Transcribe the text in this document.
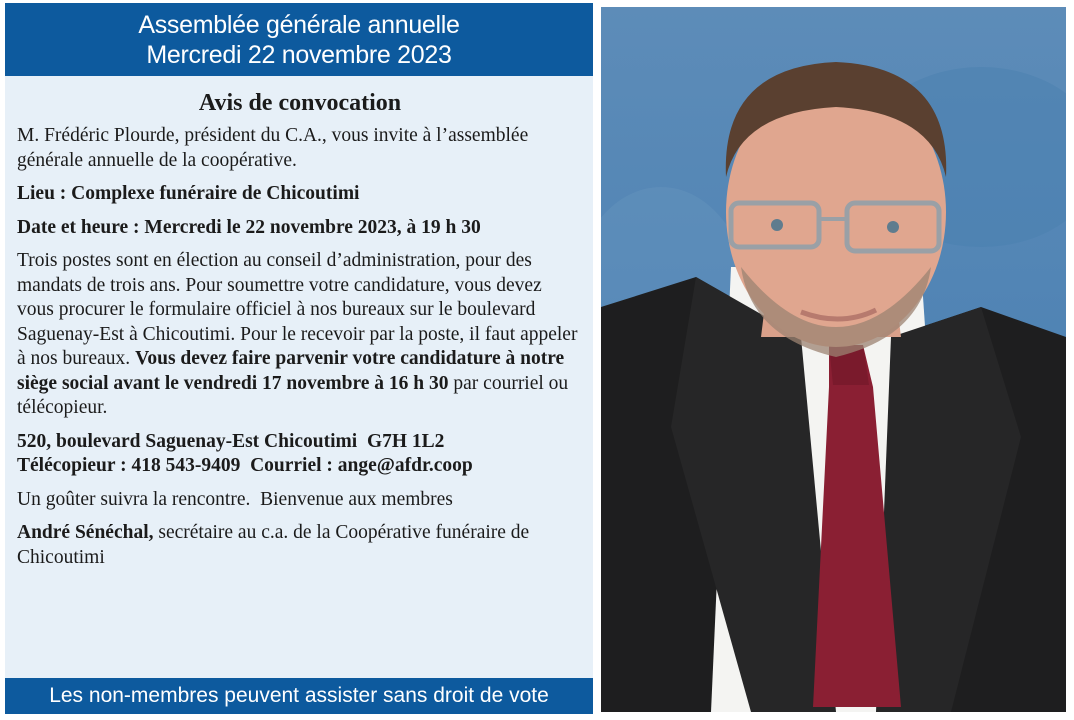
Assemblée générale annuelle
Mercredi 22 novembre 2023
Avis de convocation

M. Frédéric Plourde, président du C.A., vous invite à l’assemblée générale annuelle de la coopérative.

Lieu : Complexe funéraire de Chicoutimi

Date et heure : Mercredi le 22 novembre 2023, à 19 h 30

Trois postes sont en élection au conseil d’administration, pour des mandats de trois ans. Pour soumettre votre candidature, vous devez vous procurer le formulaire officiel à nos bureaux sur le boulevard Saguenay-Est à Chicoutimi. Pour le recevoir par la poste, il faut appeler à nos bureaux. Vous devez faire parvenir votre candidature à notre siège social avant le vendredi 17 novembre à 16 h 30 par courriel ou télécopieur.

520, boulevard Saguenay-Est Chicoutimi  G7H 1L2
Télécopieur : 418 543-9409  Courriel : ange@afdr.coop

Un goûter suivra la rencontre.  Bienvenue aux membres

André Sénéchal, secrétaire au c.a. de la Coopérative funéraire de Chicoutimi

Les non-membres peuvent assister sans droit de vote
